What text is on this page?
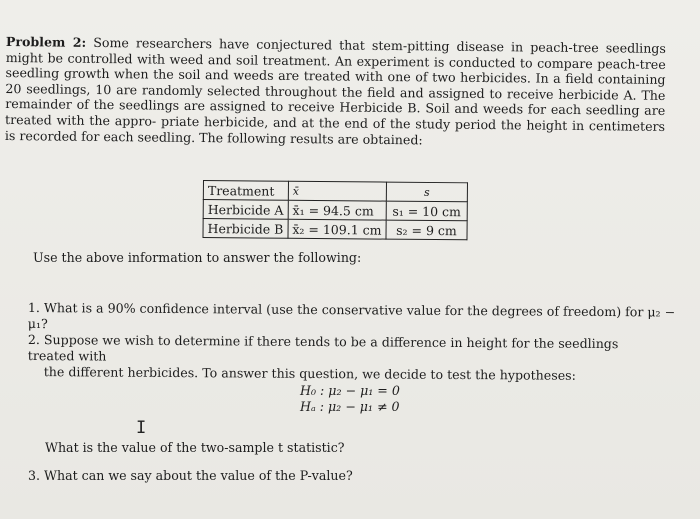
Problem 2: Some researchers have conjectured that stem-pitting disease in peach-tree seedlings might be controlled with weed and soil treatment. An experiment is conducted to compare peach-tree seedling growth when the soil and weeds are treated with one of two herbicides. In a field containing 20 seedlings, 10 are randomly selected throughout the field and assigned to receive herbicide A. The remainder of the seedlings are assigned to receive Herbicide B. Soil and weeds for each seedling are treated with the appro- priate herbicide, and at the end of the study period the height in centimeters is recorded for each seedling. The following results are obtained:
Treatment	x̄	s
Herbicide A	x̄₁ = 94.5 cm	s₁ = 10 cm
Herbicide B	x̄₂ = 109.1 cm	s₂ = 9 cm
Use the above information to answer the following:
1. What is a 90% confidence interval (use the conservative value for the degrees of freedom) for μ₂ − μ₁?
2. Suppose we wish to determine if there tends to be a difference in height for the seedlings treated with
the different herbicides. To answer this question, we decide to test the hypotheses:
H₀ : μ₂ − μ₁ = 0
Hₐ : μ₂ − μ₁ ≠ 0
I
What is the value of the two-sample t statistic?
3. What can we say about the value of the P-value?
